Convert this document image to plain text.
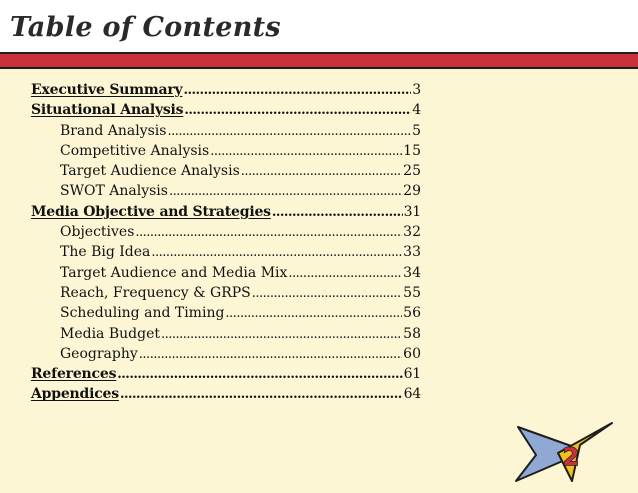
Table of Contents
Executive Summary .....	3
Situational Analysis .....	4
Brand Analysis .....	5
Competitive Analysis .....	15
Target Audience Analysis .....	25
SWOT Analysis .....	29
Media Objective and Strategies .....	31
Objectives .....	32
The Big Idea .....	33
Target Audience and Media Mix .....	34
Reach, Frequency & GRPS .....	55
Scheduling and Timing .....	56
Media Budget .....	58
Geography .....	60
References .....	61
Appendices .....	64
2
